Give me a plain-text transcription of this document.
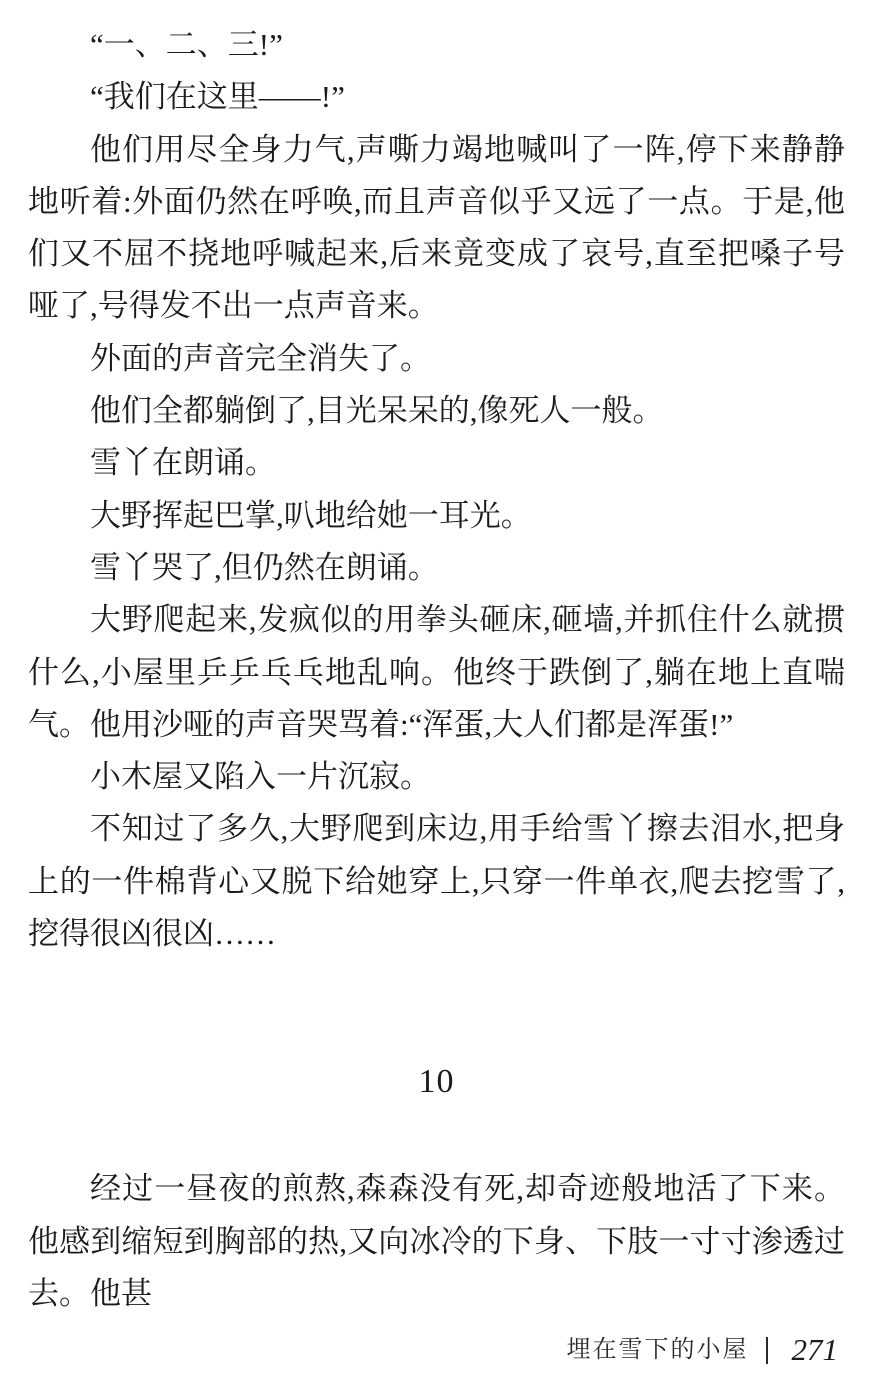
“一、二、三!”

“我们在这里——!”

他们用尽全身力气,声嘶力竭地喊叫了一阵,停下来静静地听着:外面仍然在呼唤,而且声音似乎又远了一点。于是,他们又不屈不挠地呼喊起来,后来竟变成了哀号,直至把嗓子号哑了,号得发不出一点声音来。

外面的声音完全消失了。

他们全都躺倒了,目光呆呆的,像死人一般。

雪丫在朗诵。

大野挥起巴掌,叭地给她一耳光。

雪丫哭了,但仍然在朗诵。

大野爬起来,发疯似的用拳头砸床,砸墙,并抓住什么就掼什么,小屋里乒乒乓乓地乱响。他终于跌倒了,躺在地上直喘气。他用沙哑的声音哭骂着:“浑蛋,大人们都是浑蛋!”

小木屋又陷入一片沉寂。

不知过了多久,大野爬到床边,用手给雪丫擦去泪水,把身上的一件棉背心又脱下给她穿上,只穿一件单衣,爬去挖雪了,挖得很凶很凶……

10

经过一昼夜的煎熬,森森没有死,却奇迹般地活了下来。他感到缩短到胸部的热,又向冰冷的下身、下肢一寸寸渗透过去。他甚

埋在雪下的小屋 271
